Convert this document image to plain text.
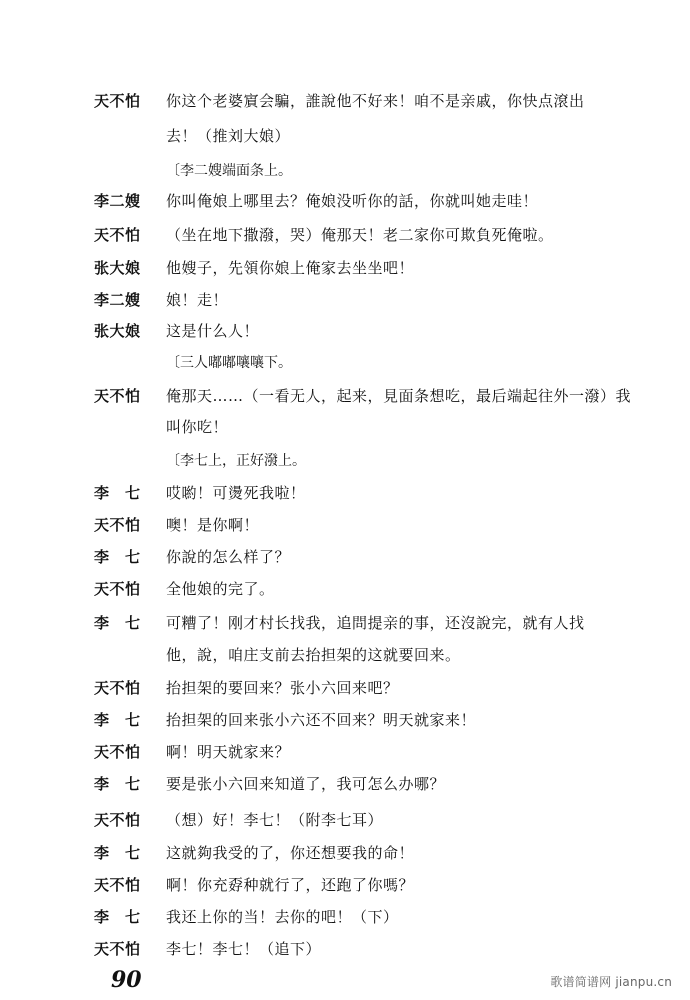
天不怕	你这个老婆賔会騙，誰說他不好来！咱不是亲戚，你快点滾出
去！（推刘大娘）
〔李二嫂端面条上。
李二嫂	你叫俺娘上哪里去？俺娘没听你的話，你就叫她走哇！
天不怕	（坐在地下撒潑，哭）俺那天！老二家你可欺負死俺啦。
张大娘	他嫂子，先領你娘上俺家去坐坐吧！
李二嫂	娘！走！
张大娘	这是什么人！
〔三人嘟嘟嚷嚷下。
天不怕	俺那天……（一看无人，起来，見面条想吃，最后端起往外一潑）我
叫你吃！
〔李七上，正好潑上。
李　七	哎喲！可燙死我啦！
天不怕	噢！是你啊！
李　七	你說的怎么样了？
天不怕	全他娘的完了。
李　七	可糟了！刚才村长找我，追問提亲的事，还沒說完，就有人找
他，說，咱庄支前去抬担架的这就要回来。
天不怕	抬担架的要回来？张小六回来吧？
李　七	抬担架的回来张小六还不回来？明天就家来！
天不怕	啊！明天就家来？
李　七	要是张小六回来知道了，我可怎么办哪？
天不怕	（想）好！李七！（附李七耳）
李　七	这就夠我受的了，你还想要我的命！
天不怕	啊！你充孬种就行了，还跑了你嗎？
李　七	我还上你的当！去你的吧！（下）
天不怕	李七！李七！（追下）
90	歌谱简谱网 jianpu.cn
